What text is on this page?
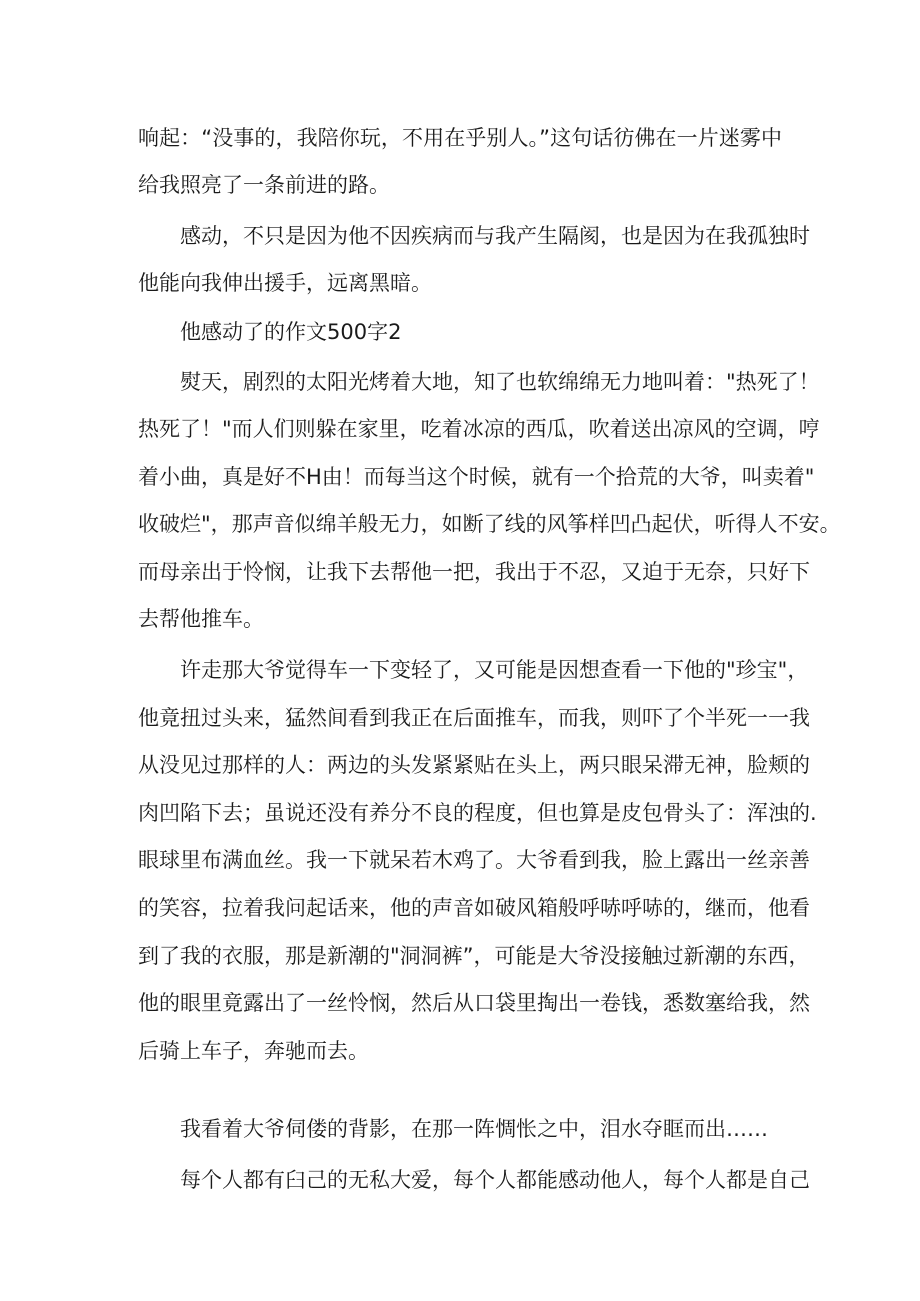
响起：“没事的，我陪你玩，不用在乎别人。”这句话彷佛在一片迷雾中
给我照亮了一条前进的路。
感动，不只是因为他不因疾病而与我产生隔阂，也是因为在我孤独时
他能向我伸出援手，远离黑暗。
他感动了的作文500字2
熨天，剧烈的太阳光烤着大地，知了也软绵绵无力地叫着："热死了！
热死了！"而人们则躲在家里，吃着冰凉的西瓜，吹着送出凉风的空调，哼
着小曲，真是好不H由！而每当这个时候，就有一个拾荒的大爷，叫卖着"
收破烂"，那声音似绵羊般无力，如断了线的风筝样凹凸起伏，听得人不安。
而母亲出于怜悯，让我下去帮他一把，我出于不忍，又迫于无奈，只好下
去帮他推车。
许走那大爷觉得车一下变轻了，又可能是因想查看一下他的"珍宝"，
他竟扭过头来，猛然间看到我正在后面推车，而我，则吓了个半死一一我
从没见过那样的人：两边的头发紧紧贴在头上，两只眼呆滞无神，脸颊的
肉凹陷下去；虽说还没有养分不良的程度，但也算是皮包骨头了：浑浊的.
眼球里布满血丝。我一下就呆若木鸡了。大爷看到我，脸上露出一丝亲善
的笑容，拉着我问起话来，他的声音如破风箱般呼哧呼哧的，继而，他看
到了我的衣服，那是新潮的"洞洞裤”，可能是大爷没接触过新潮的东西，
他的眼里竟露出了一丝怜悯，然后从口袋里掏出一卷钱，悉数塞给我，然
后骑上车子，奔驰而去。
我看着大爷伺偻的背影，在那一阵惆怅之中，泪水夺眶而出……
每个人都有臼己的无私大爱，每个人都能感动他人，每个人都是自己
